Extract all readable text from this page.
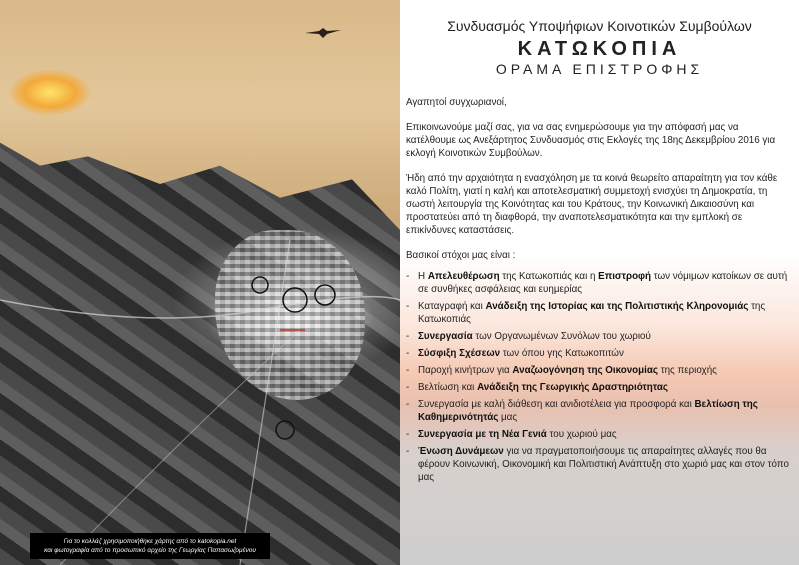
Για το κολλάζ χρησιμοποιήθηκε χάρτης από το katokopia.net
και φωτογραφία από το προσωπικό αρχείο της Γεωργίας Παπασωζομένου
Συνδυασμός Υποψήφιων Κοινοτικών Συμβούλων
ΚΑΤΩΚΟΠΙΑ
ΟΡΑΜΑ ΕΠΙΣΤΡΟΦΗΣ

Αγαπητοί συγχωριανοί,

Επικοινωνούμε μαζί σας, για να σας ενημερώσουμε για την απόφασή μας να κατέλθουμε ως Ανεξάρτητος Συνδυασμός στις Εκλογές της 18ης Δεκεμβρίου 2016 για εκλογή Κοινοτικών Συμβούλων.

Ήδη από την αρχαιότητα η ενασχόληση με τα κοινά θεωρείτο απαραίτητη για τον κάθε καλό Πολίτη, γιατί η καλή και αποτελεσματική συμμετοχή ενισχύει τη Δημοκρατία, τη σωστή λειτουργία της Κοινότητας και του Κράτους, την Κοινωνική Δικαιοσύνη και προστατεύει από τη διαφθορά, την αναποτελεσματικότητα και την εμπλοκή σε επικίνδυνες καταστάσεις.

Βασικοί στόχοι μας είναι :

- Η Απελευθέρωση της Κατωκοπιάς και η Επιστροφή των νόμιμων κατοίκων σε αυτή σε συνθήκες ασφάλειας και ευημερίας
- Καταγραφή και Ανάδειξη της Ιστορίας και της Πολιτιστικής Κληρονομιάς της Κατωκοπιάς
- Συνεργασία των Οργανωμένων Συνόλων του χωριού
- Σύσφιξη Σχέσεων των όπου γης Κατωκοπιτών
- Παροχή κινήτρων για Αναζωογόνηση της Οικονομίας της περιοχής
- Βελτίωση και Ανάδειξη της Γεωργικής Δραστηριότητας
- Συνεργασία με καλή διάθεση και ανιδιοτέλεια για προσφορά και Βελτίωση της Καθημερινότητάς μας
- Συνεργασία με τη Νέα Γενιά του χωριού μας
- Ένωση Δυνάμεων για να πραγματοποιήσουμε τις απαραίτητες αλλαγές που θα φέρουν Κοινωνική, Οικονομική και Πολιτιστική Ανάπτυξη στο χωριό μας και στον τόπο μας
